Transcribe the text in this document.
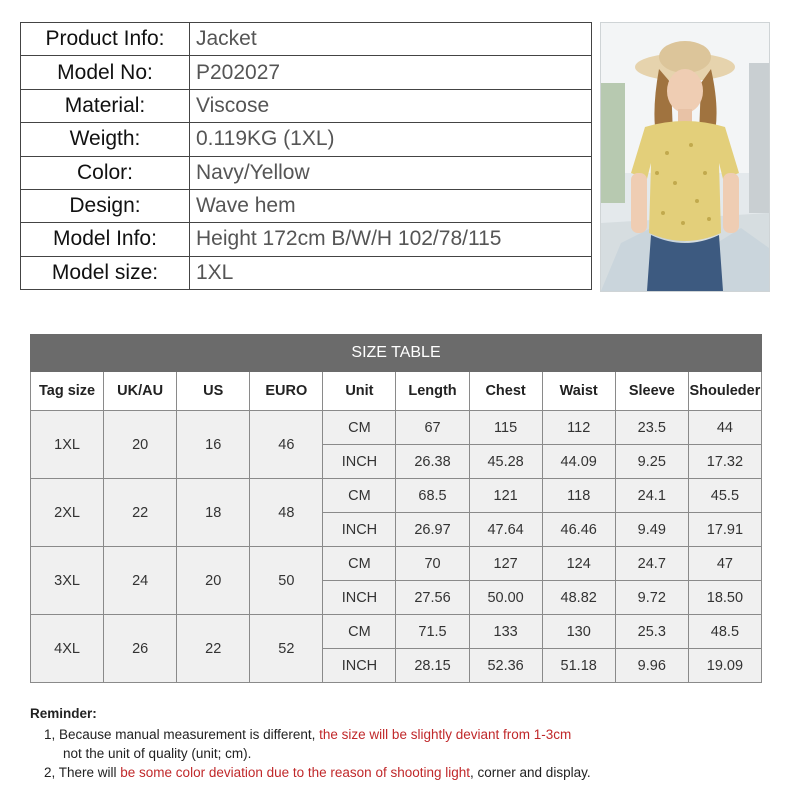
Product Info:	Jacket
Model No:	P202027
Material:	Viscose
Weigth:	0.119KG (1XL)
Color:	Navy/Yellow
Design:	Wave hem
Model Info:	Height 172cm B/W/H 102/78/115
Model size:	1XL
SIZE TABLE									
Tag size	UK/AU	US	EURO	Unit	Length	Chest	Waist	Sleeve	Shouleder
1XL	20	16	46	CM	67	115	112	23.5	44
				INCH	26.38	45.28	44.09	9.25	17.32
2XL	22	18	48	CM	68.5	121	118	24.1	45.5
				INCH	26.97	47.64	46.46	9.49	17.91
3XL	24	20	50	CM	70	127	124	24.7	47
				INCH	27.56	50.00	48.82	9.72	18.50
4XL	26	22	52	CM	71.5	133	130	25.3	48.5
				INCH	28.15	52.36	51.18	9.96	19.09
Reminder:
1, Because manual measurement is different, the size will be slightly deviant from 1-3cm
not the unit of quality (unit; cm).
2, There will be some color deviation due to the reason of shooting light, corner and display.
